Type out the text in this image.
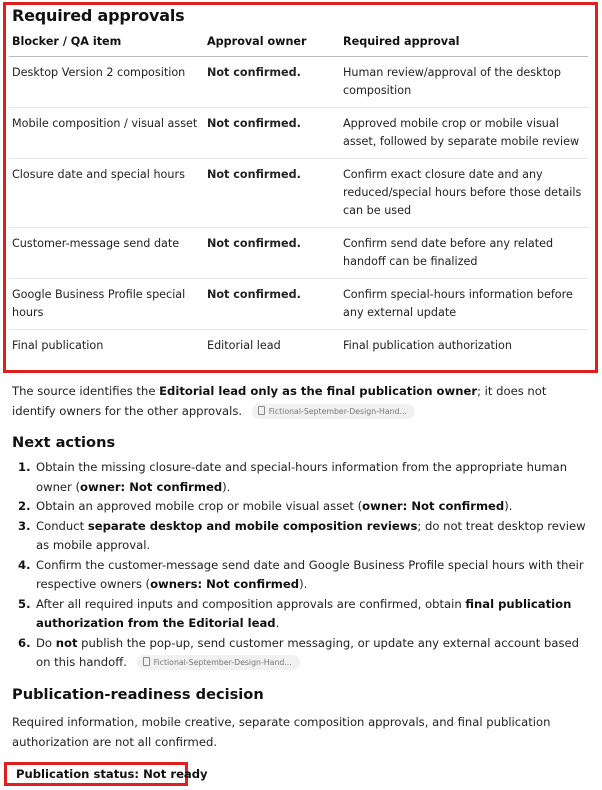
Required approvals
Blocker / QA item	Approval owner	Required approval
Desktop Version 2 composition	Not confirmed.	Human review/approval of the desktop composition
Mobile composition / visual asset	Not confirmed.	Approved mobile crop or mobile visual asset, followed by separate mobile review
Closure date and special hours	Not confirmed.	Confirm exact closure date and any reduced/special hours before those details can be used
Customer-message send date	Not confirmed.	Confirm send date before any related handoff can be finalized
Google Business Profile special hours	Not confirmed.	Confirm special-hours information before any external update
Final publication	Editorial lead	Final publication authorization
The source identifies the Editorial lead only as the final publication owner; it does not identify owners for the other approvals.	Fictional-September-Design-Hand...
Next actions
1. Obtain the missing closure-date and special-hours information from the appropriate human owner (owner: Not confirmed).
2. Obtain an approved mobile crop or mobile visual asset (owner: Not confirmed).
3. Conduct separate desktop and mobile composition reviews; do not treat desktop review as mobile approval.
4. Confirm the customer-message send date and Google Business Profile special hours with their respective owners (owners: Not confirmed).
5. After all required inputs and composition approvals are confirmed, obtain final publication authorization from the Editorial lead.
6. Do not publish the pop-up, send customer messaging, or update any external account based on this handoff.	Fictional-September-Design-Hand...
Publication-readiness decision
Required information, mobile creative, separate composition approvals, and final publication authorization are not all confirmed.
Publication status: Not ready
